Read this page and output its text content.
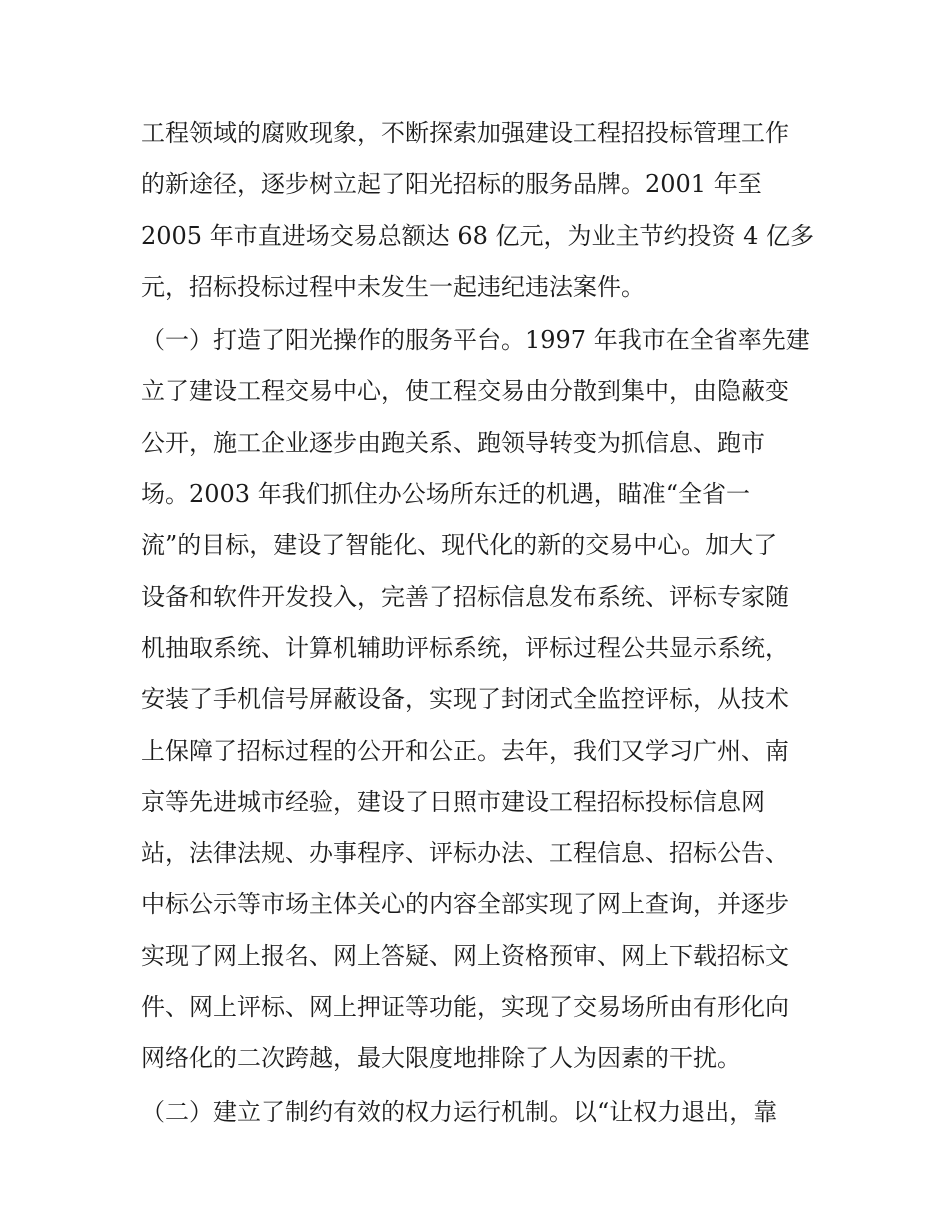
工程领域的腐败现象，不断探索加强建设工程招投标管理工作
的新途径，逐步树立起了阳光招标的服务品牌。2001 年至
2005 年市直进场交易总额达 68 亿元，为业主节约投资 4 亿多
元，招标投标过程中未发生一起违纪违法案件。
（一）打造了阳光操作的服务平台。1997 年我市在全省率先建
立了建设工程交易中心，使工程交易由分散到集中，由隐蔽变
公开，施工企业逐步由跑关系、跑领导转变为抓信息、跑市
场。2003 年我们抓住办公场所东迁的机遇，瞄准“全省一
流”的目标，建设了智能化、现代化的新的交易中心。加大了
设备和软件开发投入，完善了招标信息发布系统、评标专家随
机抽取系统、计算机辅助评标系统，评标过程公共显示系统，
安装了手机信号屏蔽设备，实现了封闭式全监控评标，从技术
上保障了招标过程的公开和公正。去年，我们又学习广州、南
京等先进城市经验，建设了日照市建设工程招标投标信息网
站，法律法规、办事程序、评标办法、工程信息、招标公告、
中标公示等市场主体关心的内容全部实现了网上查询，并逐步
实现了网上报名、网上答疑、网上资格预审、网上下载招标文
件、网上评标、网上押证等功能，实现了交易场所由有形化向
网络化的二次跨越，最大限度地排除了人为因素的干扰。
（二）建立了制约有效的权力运行机制。以“让权力退出，靠
